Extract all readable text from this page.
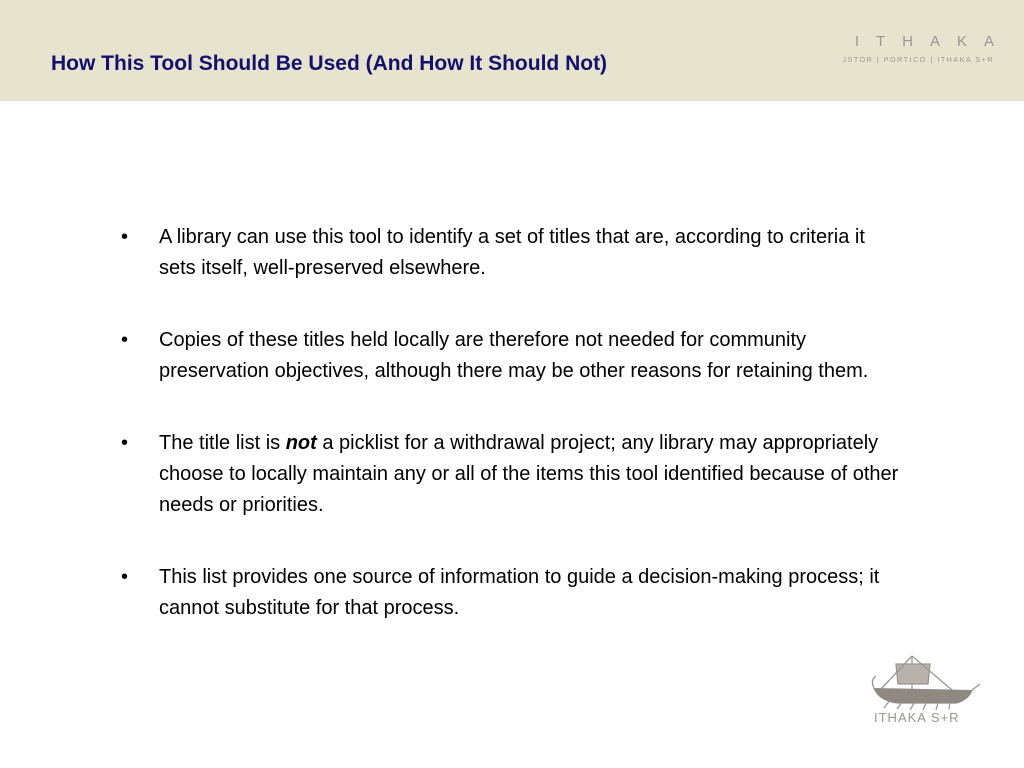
How This Tool Should Be Used (And How It Should Not)
ITHAKA
JSTOR | PORTICO | ITHAKA S+R
• A library can use this tool to identify a set of titles that are, according to criteria it sets itself, well-preserved elsewhere.
• Copies of these titles held locally are therefore not needed for community preservation objectives, although there may be other reasons for retaining them.
• The title list is not a picklist for a withdrawal project; any library may appropriately choose to locally maintain any or all of the items this tool identified because of other needs or priorities.
• This list provides one source of information to guide a decision-making process; it cannot substitute for that process.
ITHAKA S+R
